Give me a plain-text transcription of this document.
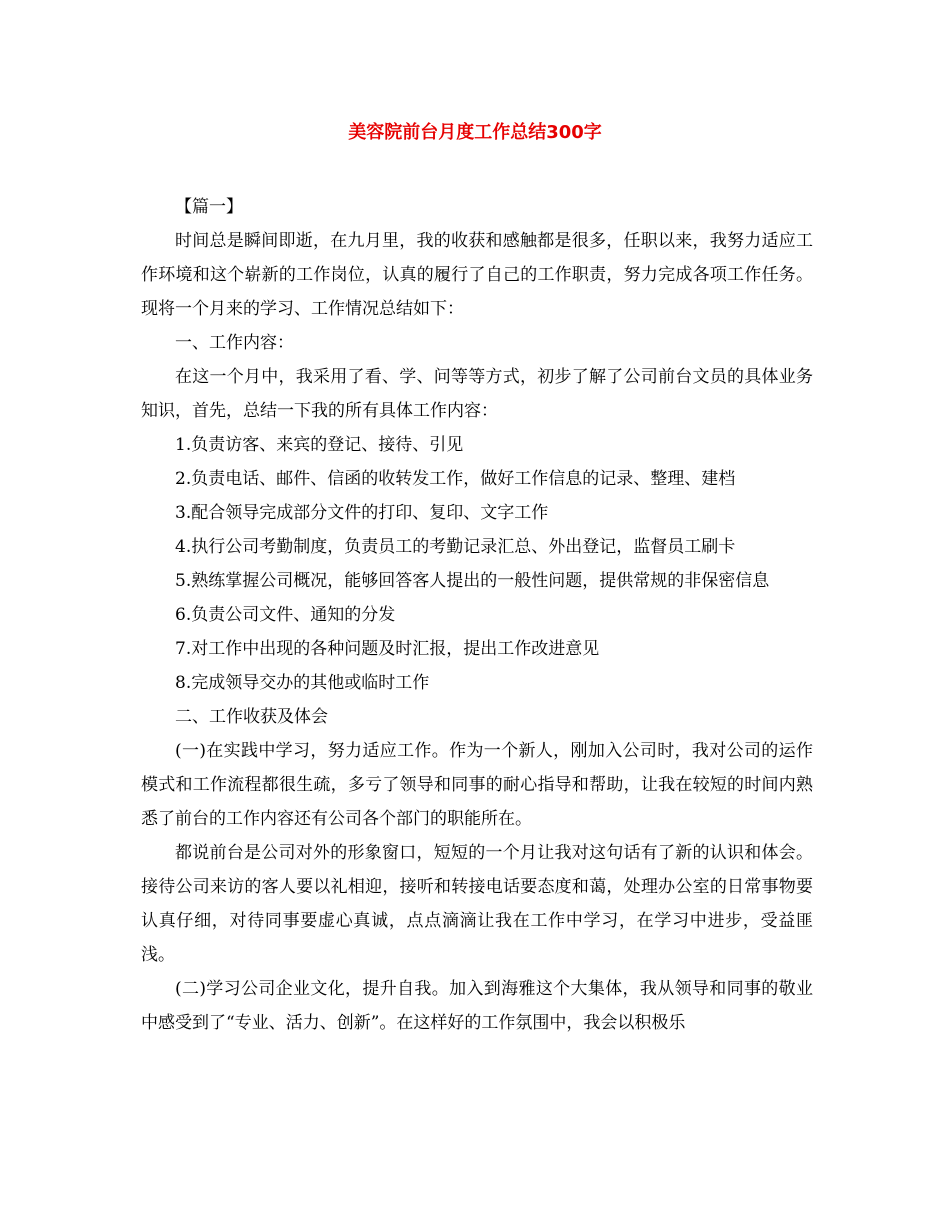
美容院前台月度工作总结300字

【篇一】

时间总是瞬间即逝，在九月里，我的收获和感触都是很多，任职以来，我努力适应工作环境和这个崭新的工作岗位，认真的履行了自己的工作职责，努力完成各项工作任务。现将一个月来的学习、工作情况总结如下：

一、工作内容：

在这一个月中，我采用了看、学、问等等方式，初步了解了公司前台文员的具体业务知识，首先，总结一下我的所有具体工作内容：

1.负责访客、来宾的登记、接待、引见

2.负责电话、邮件、信函的收转发工作，做好工作信息的记录、整理、建档

3.配合领导完成部分文件的打印、复印、文字工作

4.执行公司考勤制度，负责员工的考勤记录汇总、外出登记，监督员工刷卡

5.熟练掌握公司概况，能够回答客人提出的一般性问题，提供常规的非保密信息

6.负责公司文件、通知的分发

7.对工作中出现的各种问题及时汇报，提出工作改进意见

8.完成领导交办的其他或临时工作

二、工作收获及体会

(一)在实践中学习，努力适应工作。作为一个新人，刚加入公司时，我对公司的运作模式和工作流程都很生疏，多亏了领导和同事的耐心指导和帮助，让我在较短的时间内熟悉了前台的工作内容还有公司各个部门的职能所在。

都说前台是公司对外的形象窗口，短短的一个月让我对这句话有了新的认识和体会。接待公司来访的客人要以礼相迎，接听和转接电话要态度和蔼，处理办公室的日常事物要认真仔细，对待同事要虚心真诚，点点滴滴让我在工作中学习，在学习中进步，受益匪浅。

(二)学习公司企业文化，提升自我。加入到海雅这个大集体，我从领导和同事的敬业中感受到了“专业、活力、创新”。在这样好的工作氛围中，我会以积极乐
